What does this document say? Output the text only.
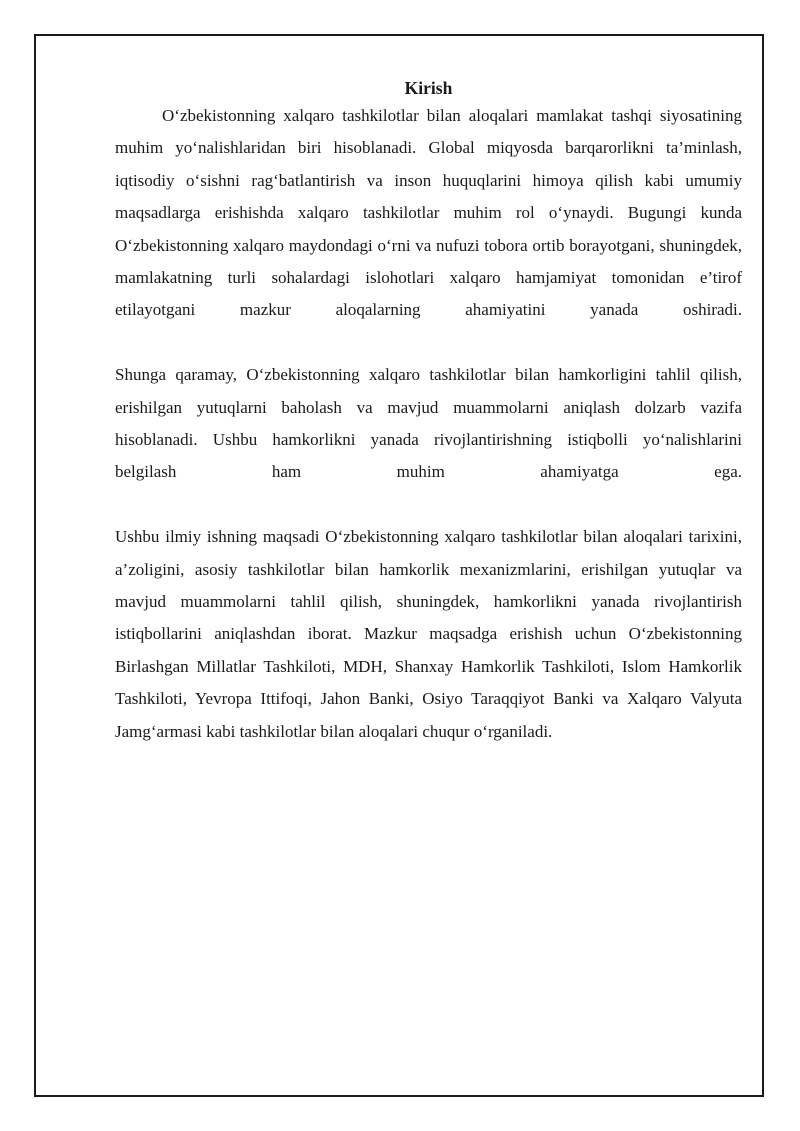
Kirish

O‘zbekistonning xalqaro tashkilotlar bilan aloqalari mamlakat tashqi siyosatining muhim yo‘nalishlaridan biri hisoblanadi. Global miqyosda barqarorlikni ta’minlash, iqtisodiy o‘sishni rag‘batlantirish va inson huquqlarini himoya qilish kabi umumiy maqsadlarga erishishda xalqaro tashkilotlar muhim rol o‘ynaydi. Bugungi kunda O‘zbekistonning xalqaro maydondagi o‘rni va nufuzi tobora ortib borayotgani, shuningdek, mamlakatning turli sohalardagi islohotlari xalqaro hamjamiyat tomonidan e’tirof etilayotgani mazkur aloqalarning ahamiyatini yanada oshiradi.

Shunga qaramay, O‘zbekistonning xalqaro tashkilotlar bilan hamkorligini tahlil qilish, erishilgan yutuqlarni baholash va mavjud muammolarni aniqlash dolzarb vazifa hisoblanadi. Ushbu hamkorlikni yanada rivojlantirishning istiqbolli yo‘nalishlarini belgilash ham muhim ahamiyatga ega.

Ushbu ilmiy ishning maqsadi O‘zbekistonning xalqaro tashkilotlar bilan aloqalari tarixini, a’zoligini, asosiy tashkilotlar bilan hamkorlik mexanizmlarini, erishilgan yutuqlar va mavjud muammolarni tahlil qilish, shuningdek, hamkorlikni yanada rivojlantirish istiqbollarini aniqlashdan iborat. Mazkur maqsadga erishish uchun O‘zbekistonning Birlashgan Millatlar Tashkiloti, MDH, Shanxay Hamkorlik Tashkiloti, Islom Hamkorlik Tashkiloti, Yevropa Ittifoqi, Jahon Banki, Osiyo Taraqqiyot Banki va Xalqaro Valyuta Jamg‘armasi kabi tashkilotlar bilan aloqalari chuqur o‘rganiladi.
